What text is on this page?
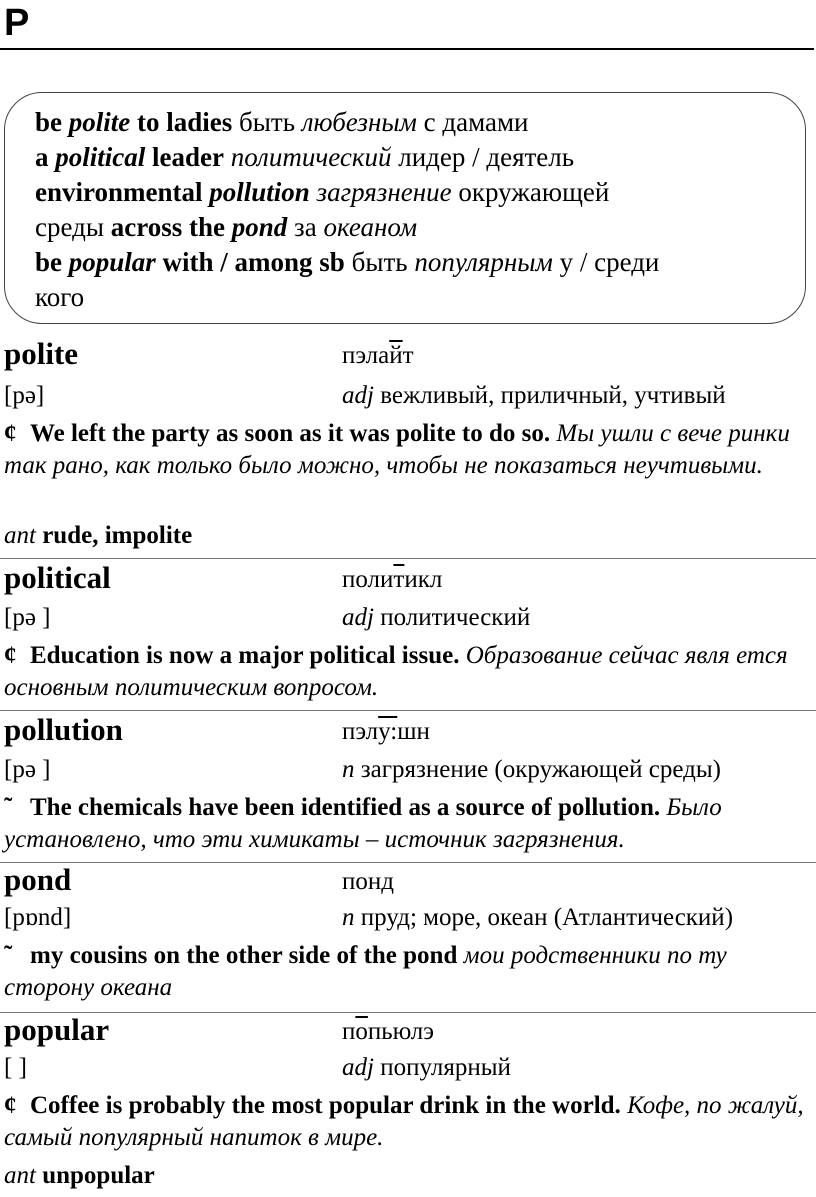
P
be polite to ladies быть любезным с дамами
a political leader политический лидер / деятель
environmental pollution загрязнение окружающей
среды across the pond за океаном
be popular with / among sb быть популярным у / среди
кого
polite	пэлайт
[pə]	adj вежливый, приличный, учтивый
¢ We left the party as soon as it was polite to do so. Мы ушли с вече ринки так рано, как только было можно, чтобы не показаться неучтивыми.
ant rude, impolite
political	политикл
[pə ]	adj политический
¢ Education is now a major political issue. Образование сейчас явля ется основным политическим вопросом.
pollution	пэлу:шн
[pə ]	n загрязнение (окружающей среды)
˜ The chemicals have been identified as a source of pollution. Было установлено, что эти химикаты – источник загрязнения.
pond	понд
[pɒnd]	n пруд; море, океан (Атлантический)
˜ my cousins on the other side of the pond мои родственники по ту сторону океана
popular	попьюлэ
[ ]	adj популярный
¢ Coffee is probably the most popular drink in the world. Кофе, по жалуй, самый популярный напиток в мире.
ant unpopular
